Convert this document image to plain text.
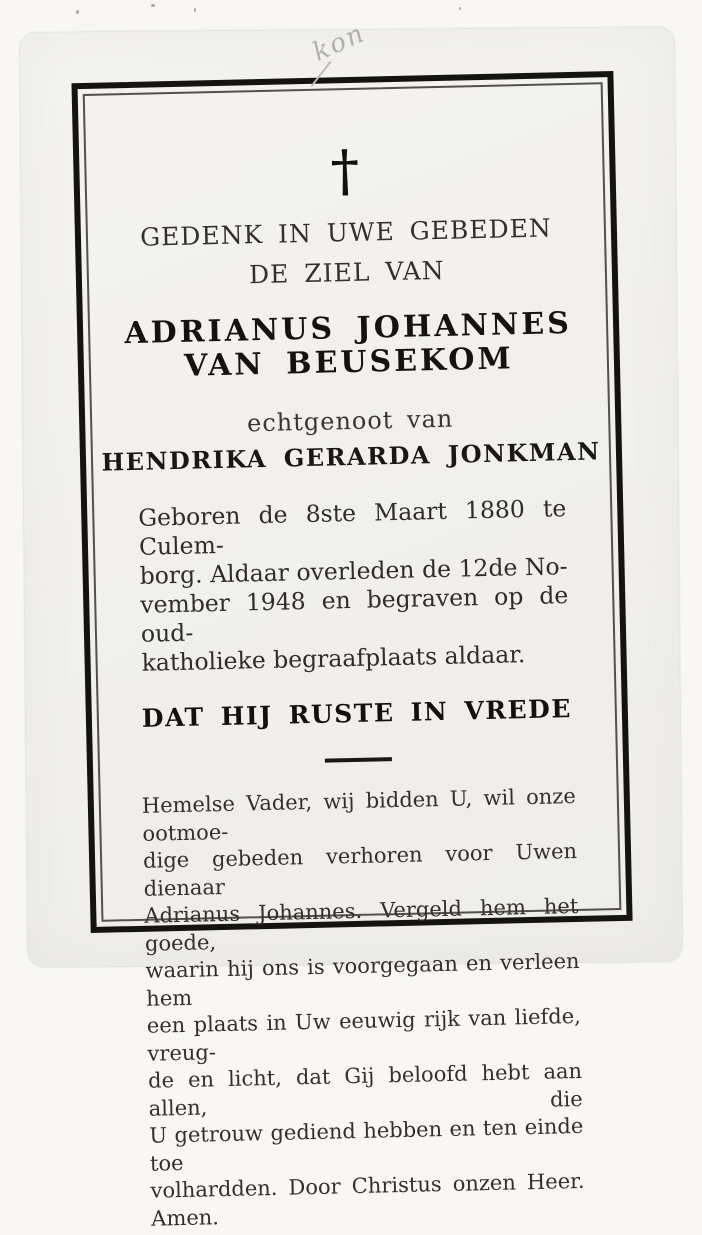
kon
†
GEDENK IN UWE GEBEDEN
DE ZIEL VAN
ADRIANUS JOHANNES
VAN BEUSEKOM
echtgenoot van
HENDRIKA GERARDA JONKMAN
Geboren de 8ste Maart 1880 te Culem-
borg. Aldaar overleden de 12de No-
vember 1948 en begraven op de oud-
katholieke begraafplaats aldaar.
DAT HIJ RUSTE IN VREDE
Hemelse Vader, wij bidden U, wil onze ootmoe-
dige gebeden verhoren voor Uwen dienaar
Adrianus Johannes. Vergeld hem het goede,
waarin hij ons is voorgegaan en verleen hem
een plaats in Uw eeuwig rijk van liefde, vreug-
de en licht, dat Gij beloofd hebt aan allen, die
U getrouw gediend hebben en ten einde toe
volhardden. Door Christus onzen Heer. Amen.
